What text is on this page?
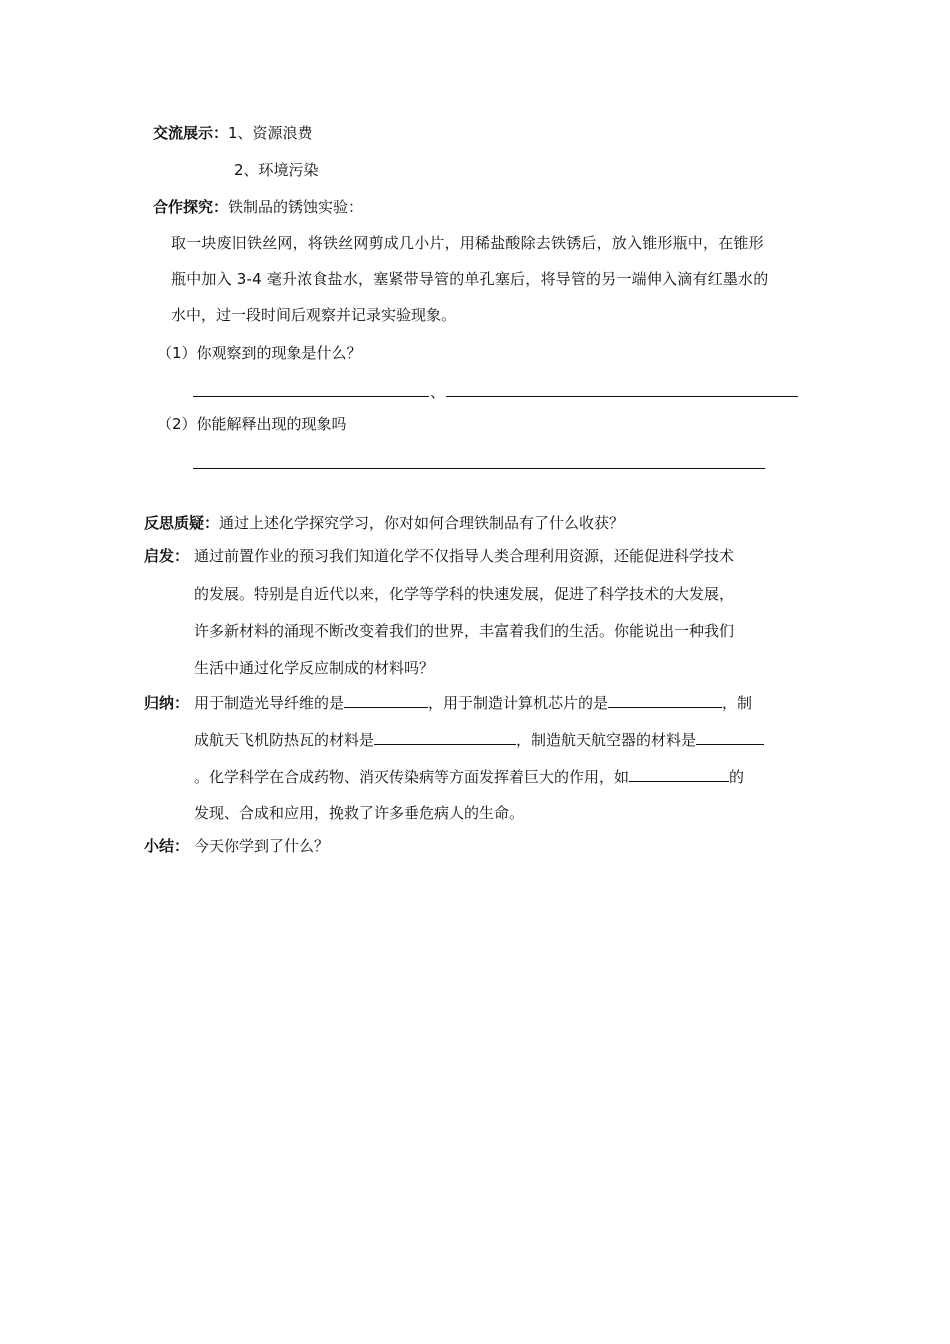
交流展示：1、资源浪费
2、环境污染
合作探究：铁制品的锈蚀实验：
取一块废旧铁丝网，将铁丝网剪成几小片，用稀盐酸除去铁锈后，放入锥形瓶中，在锥形
瓶中加入 3-4 毫升浓食盐水，塞紧带导管的单孔塞后，将导管的另一端伸入滴有红墨水的
水中，过一段时间后观察并记录实验现象。
（1）你观察到的现象是什么？
、
（2）你能解释出现的现象吗
反思质疑：通过上述化学探究学习，你对如何合理铁制品有了什么收获？
启发： 通过前置作业的预习我们知道化学不仅指导人类合理利用资源，还能促进科学技术
的发展。特别是自近代以来，化学等学科的快速发展，促进了科学技术的大发展，
许多新材料的涌现不断改变着我们的世界，丰富着我们的生活。你能说出一种我们
生活中通过化学反应制成的材料吗？
归纳： 用于制造光导纤维的是	，用于制造计算机芯片的是	，制
成航天飞机防热瓦的材料是	，制造航天航空器的材料是
。化学科学在合成药物、消灭传染病等方面发挥着巨大的作用，如	的
发现、合成和应用，挽救了许多垂危病人的生命。
小结： 今天你学到了什么？
